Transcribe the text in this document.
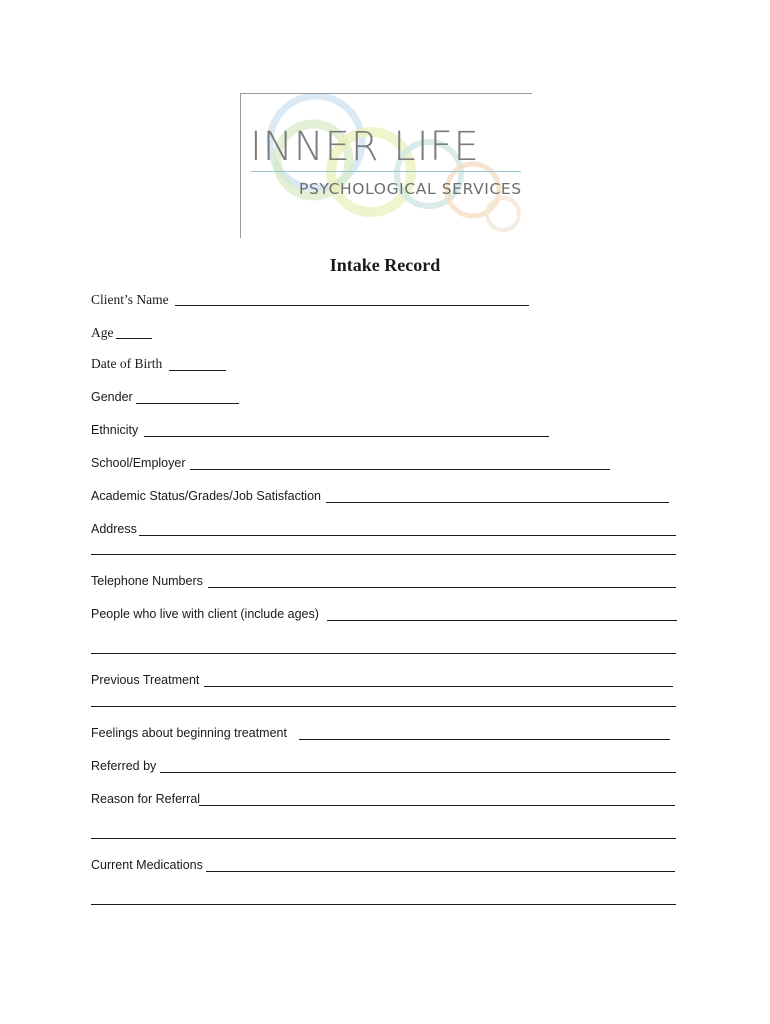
INNER LIFE
PSYCHOLOGICAL SERVICES
Intake Record
Client’s Name
Age
Date of Birth
Gender
Ethnicity
School/Employer
Academic Status/Grades/Job Satisfaction
Address
Telephone Numbers
People who live with client (include ages)
Previous Treatment
Feelings about beginning treatment
Referred by
Reason for Referral
Current Medications
